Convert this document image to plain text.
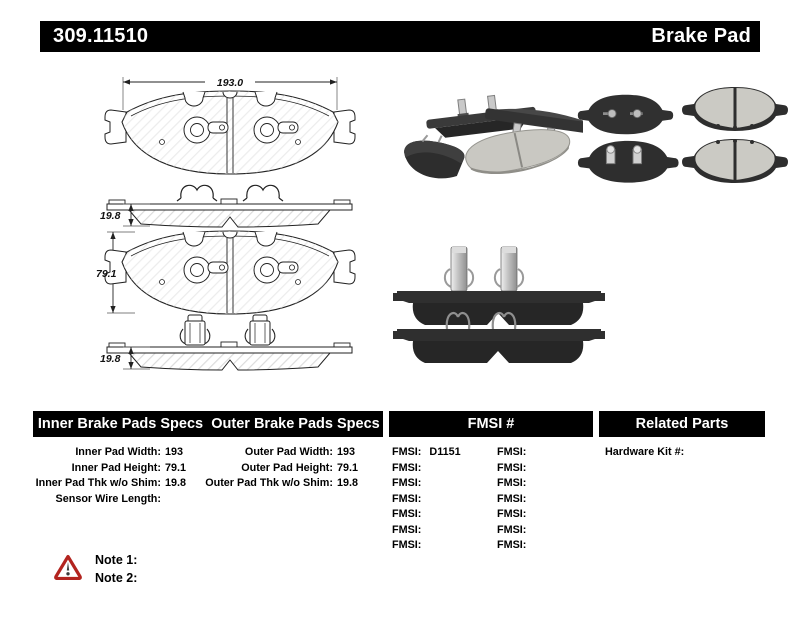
309.11510	Brake Pad
193.0
19.8
79.1
19.8
Inner Brake Pads Specs Outer Brake Pads Specs	FMSI #	Related Parts
Inner Pad Width: 193
Inner Pad Height: 79.1
Inner Pad Thk w/o Shim: 19.8
Sensor Wire Length:
Outer Pad Width: 193
Outer Pad Height: 79.1
Outer Pad Thk w/o Shim: 19.8
FMSI: D1151
FMSI:
FMSI:
FMSI:
FMSI:
FMSI:
FMSI:
FMSI:
FMSI:
FMSI:
FMSI:
FMSI:
FMSI:
FMSI:
Hardware Kit #:
Note 1:
Note 2:
